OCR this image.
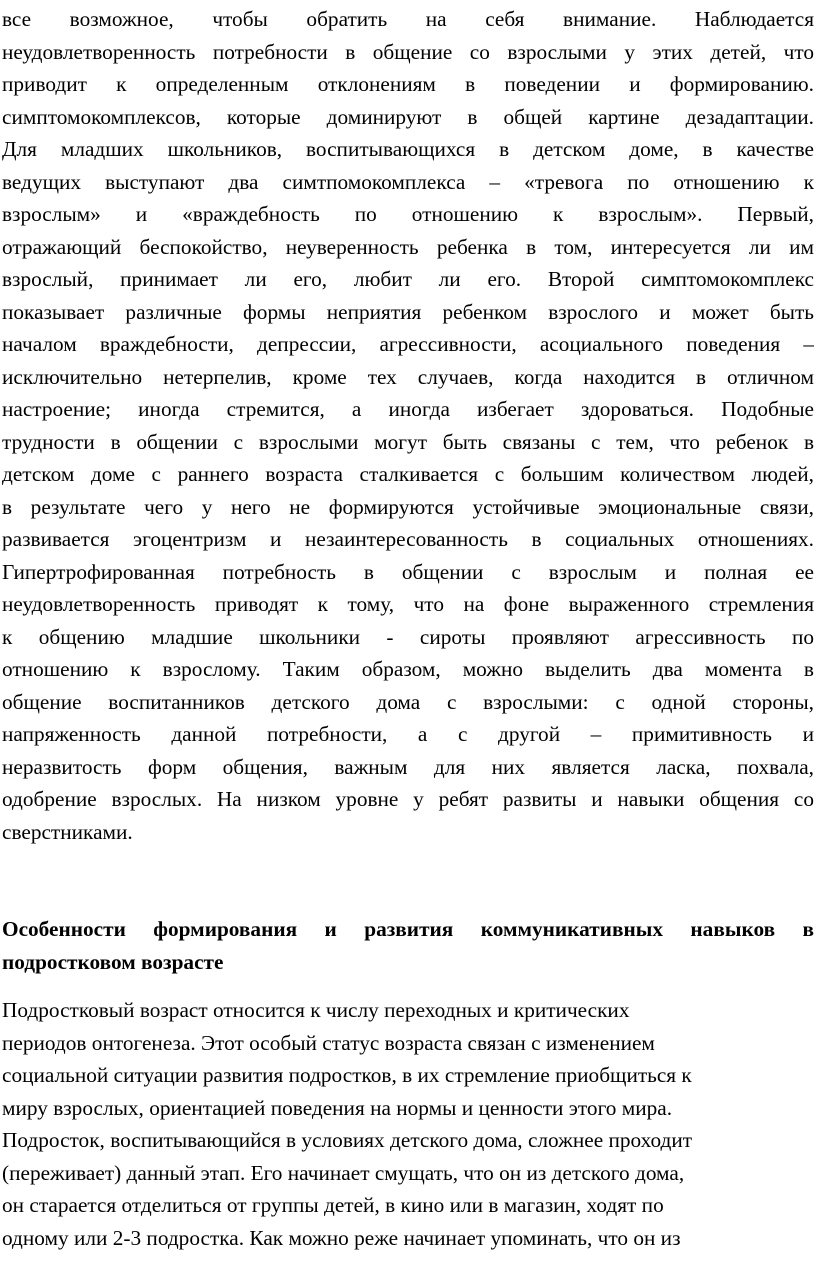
все возможное, чтобы обратить на себя внимание. Наблюдается
неудовлетворенность потребности в общение со взрослыми у этих детей, что
приводит к определенным отклонениям в поведении и формированию.
симптомокомплексов, которые доминируют в общей картине дезадаптации.
Для младших школьников, воспитывающихся в детском доме, в качестве
ведущих выступают два симтпомокомплекса – «тревога по отношению к
взрослым» и «враждебность по отношению к взрослым». Первый,
отражающий беспокойство, неуверенность ребенка в том, интересуется ли им
взрослый, принимает ли его, любит ли его. Второй симптомокомплекс
показывает различные формы неприятия ребенком взрослого и может быть
началом враждебности, депрессии, агрессивности, асоциального поведения –
исключительно нетерпелив, кроме тех случаев, когда находится в отличном
настроение; иногда стремится, а иногда избегает здороваться. Подобные
трудности в общении с взрослыми могут быть связаны с тем, что ребенок в
детском доме с раннего возраста сталкивается с большим количеством людей,
в результате чего у него не формируются устойчивые эмоциональные связи,
развивается эгоцентризм и незаинтересованность в социальных отношениях.
Гипертрофированная потребность в общении с взрослым и полная ее
неудовлетворенность приводят к тому, что на фоне выраженного стремления
к общению младшие школьники - сироты проявляют агрессивность по
отношению к взрослому. Таким образом, можно выделить два момента в
общение воспитанников детского дома с взрослыми: с одной стороны,
напряженность данной потребности, а с другой – примитивность и
неразвитость форм общения, важным для них является ласка, похвала,
одобрение взрослых. На низком уровне у ребят развиты и навыки общения со
сверстниками.
Особенности формирования и развития коммуникативных навыков в
подростковом возрасте
Подростковый возраст относится к числу переходных и критических
периодов онтогенеза. Этот особый статус возраста связан с изменением
социальной ситуации развития подростков, в их стремление приобщиться к
миру взрослых, ориентацией поведения на нормы и ценности этого мира.
Подросток, воспитывающийся в условиях детского дома, сложнее проходит
(переживает) данный этап. Его начинает смущать, что он из детского дома,
он старается отделиться от группы детей, в кино или в магазин, ходят по
одному или 2-3 подростка. Как можно реже начинает упоминать, что он из
